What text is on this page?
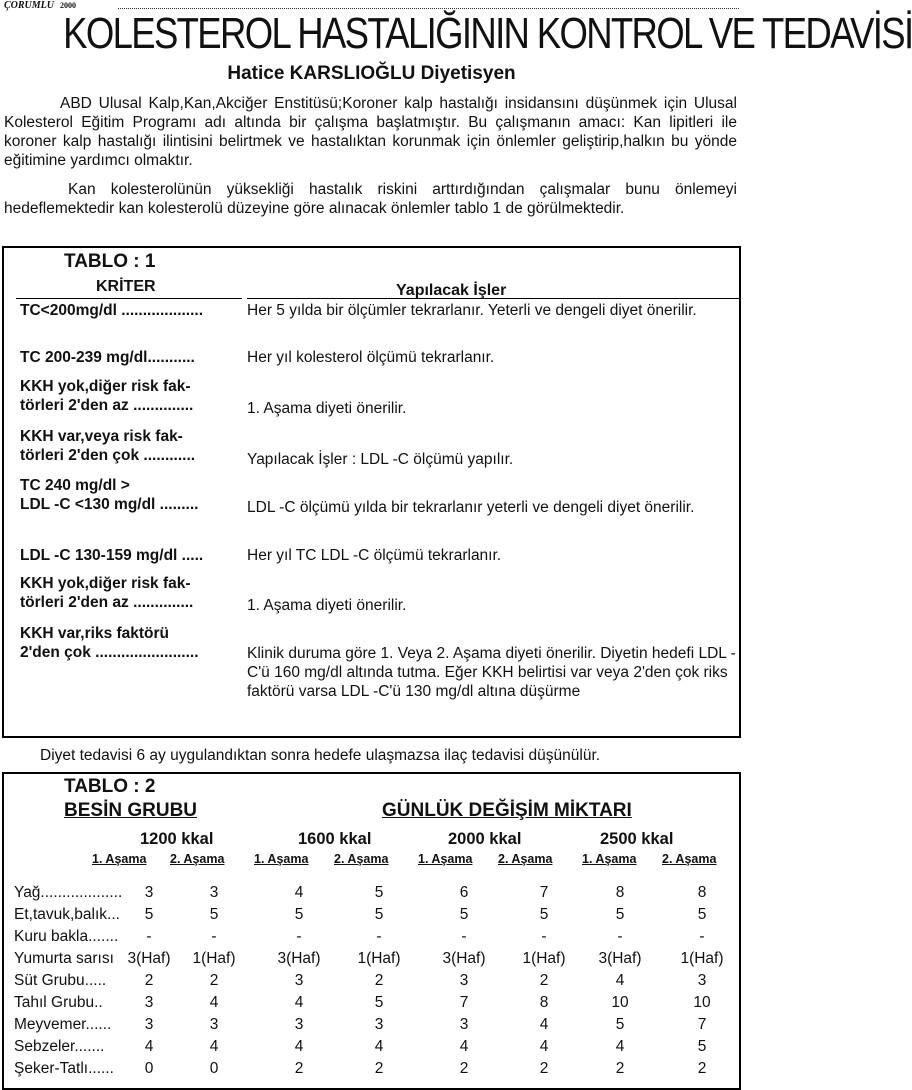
ÇORUMLU 2000
KOLESTEROL HASTALIĞININ KONTROL VE TEDAVİSİ
Hatice KARSLIOĞLU Diyetisyen
ABD Ulusal Kalp,Kan,Akciğer Enstitüsü;Koroner kalp hastalığı insidansını düşünmek için Ulusal Kolesterol Eğitim Programı adı altında bir çalışma başlatmıştır. Bu çalışmanın amacı: Kan lipitleri ile koroner kalp hastalığı ilintisini belirtmek ve hastalıktan korunmak için önlemler geliştirip,halkın bu yönde eğitimine yardımcı olmaktır.
Kan kolesterolünün yüksekliği hastalık riskini arttırdığından çalışmalar bunu önlemeyi hedeflemektedir kan kolesterolü düzeyine göre alınacak önlemler tablo 1 de görülmektedir.
TABLO : 1
KRİTER	Yapılacak İşler
TC<200mg/dl ...................	Her 5 yılda bir ölçümler tekrarlanır. Yeterli ve dengeli diyet önerilir.
TC 200-239 mg/dl...........	Her yıl kolesterol ölçümü tekrarlanır.
KKH yok,diğer risk fak-
törleri 2'den az ..............	1. Aşama diyeti önerilir.
KKH var,veya risk fak-
törleri 2'den çok ............	Yapılacak İşler : LDL -C ölçümü yapılır.
TC 240 mg/dl >
LDL -C <130 mg/dl .........	LDL -C ölçümü yılda bir tekrarlanır yeterli ve dengeli diyet önerilir.
LDL -C 130-159 mg/dl .....	Her yıl TC LDL -C ölçümü tekrarlanır.
KKH yok,diğer risk fak-
törleri 2'den az ..............	1. Aşama diyeti önerilir.
KKH var,riks faktörü
2'den çok ........................	Klinik duruma göre 1. Veya 2. Aşama diyeti önerilir. Diyetin hedefi LDL - C'ü 160 mg/dl altında tutma. Eğer KKH belirtisi var veya 2'den çok riks faktörü varsa LDL -C'ü 130 mg/dl altına düşürme
Diyet tedavisi 6 ay uygulandıktan sonra hedefe ulaşmazsa ilaç tedavisi düşünülür.
TABLO : 2
BESİN GRUBU	GÜNLÜK DEĞİŞİM MİKTARI
1200 kkal	1600 kkal	2000 kkal	2500 kkal
1. Aşama 2. Aşama 1. Aşama 2. Aşama 1. Aşama 2. Aşama 1. Aşama 2. Aşama
Yağ...................	3	3	4	5	6	7	8	8
Et,tavuk,balık...	5	5	5	5	5	5	5	5
Kuru bakla.......	-	-	-	-	-	-	-	-
Yumurta sarısı 3(Haf)	1(Haf)	3(Haf)	1(Haf)	3(Haf)	1(Haf)	3(Haf)	1(Haf)
Süt Grubu.....	2	2	3	2	3	2	4	3
Tahıl Grubu..	3	4	4	5	7	8	10	10
Meyvemer......	3	3	3	3	3	4	5	7
Sebzeler.......	4	4	4	4	4	4	4	5
Şeker-Tatlı......	0	0	2	2	2	2	2	2
